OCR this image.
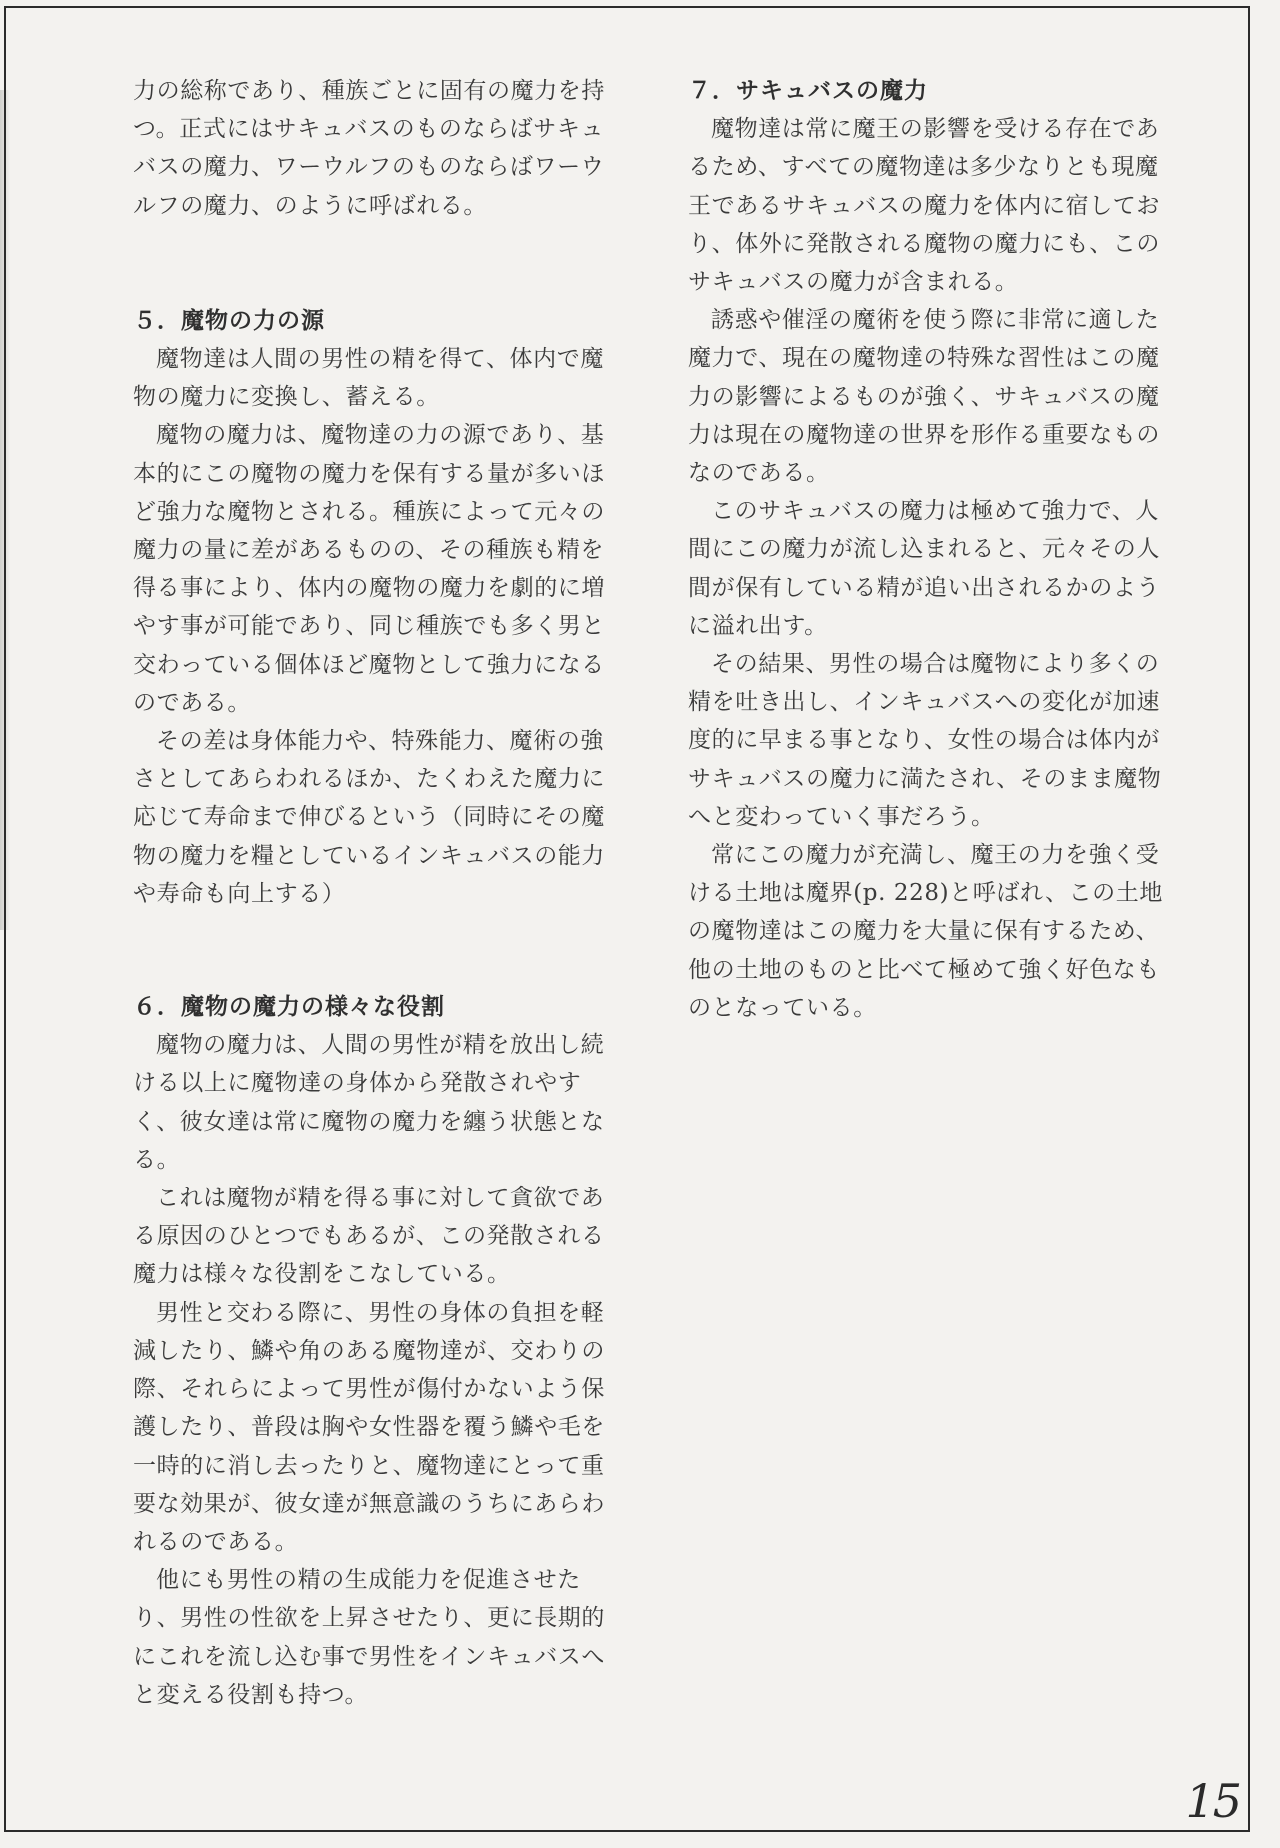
力の総称であり、種族ごとに固有の魔力を持つ。正式にはサキュバスのものならばサキュバスの魔力、ワーウルフのものならばワーウルフの魔力、のように呼ばれる。

５．魔物の力の源

魔物達は人間の男性の精を得て、体内で魔物の魔力に変換し、蓄える。

魔物の魔力は、魔物達の力の源であり、基本的にこの魔物の魔力を保有する量が多いほど強力な魔物とされる。種族によって元々の魔力の量に差があるものの、その種族も精を得る事により、体内の魔物の魔力を劇的に増やす事が可能であり、同じ種族でも多く男と交わっている個体ほど魔物として強力になるのである。

その差は身体能力や、特殊能力、魔術の強さとしてあらわれるほか、たくわえた魔力に応じて寿命まで伸びるという（同時にその魔物の魔力を糧としているインキュバスの能力や寿命も向上する）

６．魔物の魔力の様々な役割

魔物の魔力は、人間の男性が精を放出し続ける以上に魔物達の身体から発散されやすく、彼女達は常に魔物の魔力を纏う状態となる。

これは魔物が精を得る事に対して貪欲である原因のひとつでもあるが、この発散される魔力は様々な役割をこなしている。

男性と交わる際に、男性の身体の負担を軽減したり、鱗や角のある魔物達が、交わりの際、それらによって男性が傷付かないよう保護したり、普段は胸や女性器を覆う鱗や毛を一時的に消し去ったりと、魔物達にとって重要な効果が、彼女達が無意識のうちにあらわれるのである。

他にも男性の精の生成能力を促進させたり、男性の性欲を上昇させたり、更に長期的にこれを流し込む事で男性をインキュバスへと変える役割も持つ。

７．サキュバスの魔力

魔物達は常に魔王の影響を受ける存在であるため、すべての魔物達は多少なりとも現魔王であるサキュバスの魔力を体内に宿しており、体外に発散される魔物の魔力にも、このサキュバスの魔力が含まれる。

誘惑や催淫の魔術を使う際に非常に適した魔力で、現在の魔物達の特殊な習性はこの魔力の影響によるものが強く、サキュバスの魔力は現在の魔物達の世界を形作る重要なものなのである。

このサキュバスの魔力は極めて強力で、人間にこの魔力が流し込まれると、元々その人間が保有している精が追い出されるかのように溢れ出す。

その結果、男性の場合は魔物により多くの精を吐き出し、インキュバスへの変化が加速度的に早まる事となり、女性の場合は体内がサキュバスの魔力に満たされ、そのまま魔物へと変わっていく事だろう。

常にこの魔力が充満し、魔王の力を強く受ける土地は魔界(p. 228)と呼ばれ、この土地の魔物達はこの魔力を大量に保有するため、他の土地のものと比べて極めて強く好色なものとなっている。

15
